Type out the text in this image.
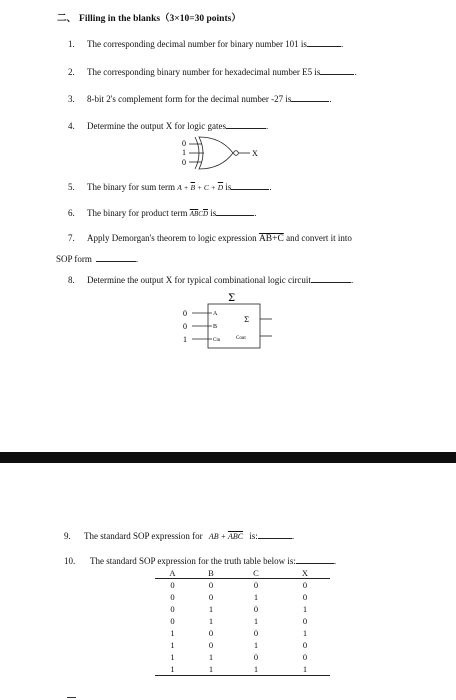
二、 Filling in the blanks（3×10=30 points）
1. The corresponding decimal number for binary number 101 is	.
2. The corresponding binary number for hexadecimal number E5 is	.
3. 8-bit 2's complement form for the decimal number -27 is	.
4. Determine the output X for logic gates	.
0
1
0
X
5. The binary for sum term $A + \overline{B} + C + \overline{D}$ is	.
6. The binary for product term $\overline{AB}C\overline{D}$ is	.
7. Apply Demorgan's theorem to logic expression AB+C and convert it into
SOP form	.
8. Determine the output X for typical combinational logic circuit	.
Σ
0
0
1
A
B
Cin
Σ
Cout
9. The standard SOP expression for AB + $\overline{ABC}$ is:	.
10. The standard SOP expression for the truth table below is:	.
A	B	C	X
0	0	0	0
0	0	1	0
0	1	0	1
0	1	1	0
1	0	0	1
1	0	1	0
1	1	0	0
1	1	1	1
